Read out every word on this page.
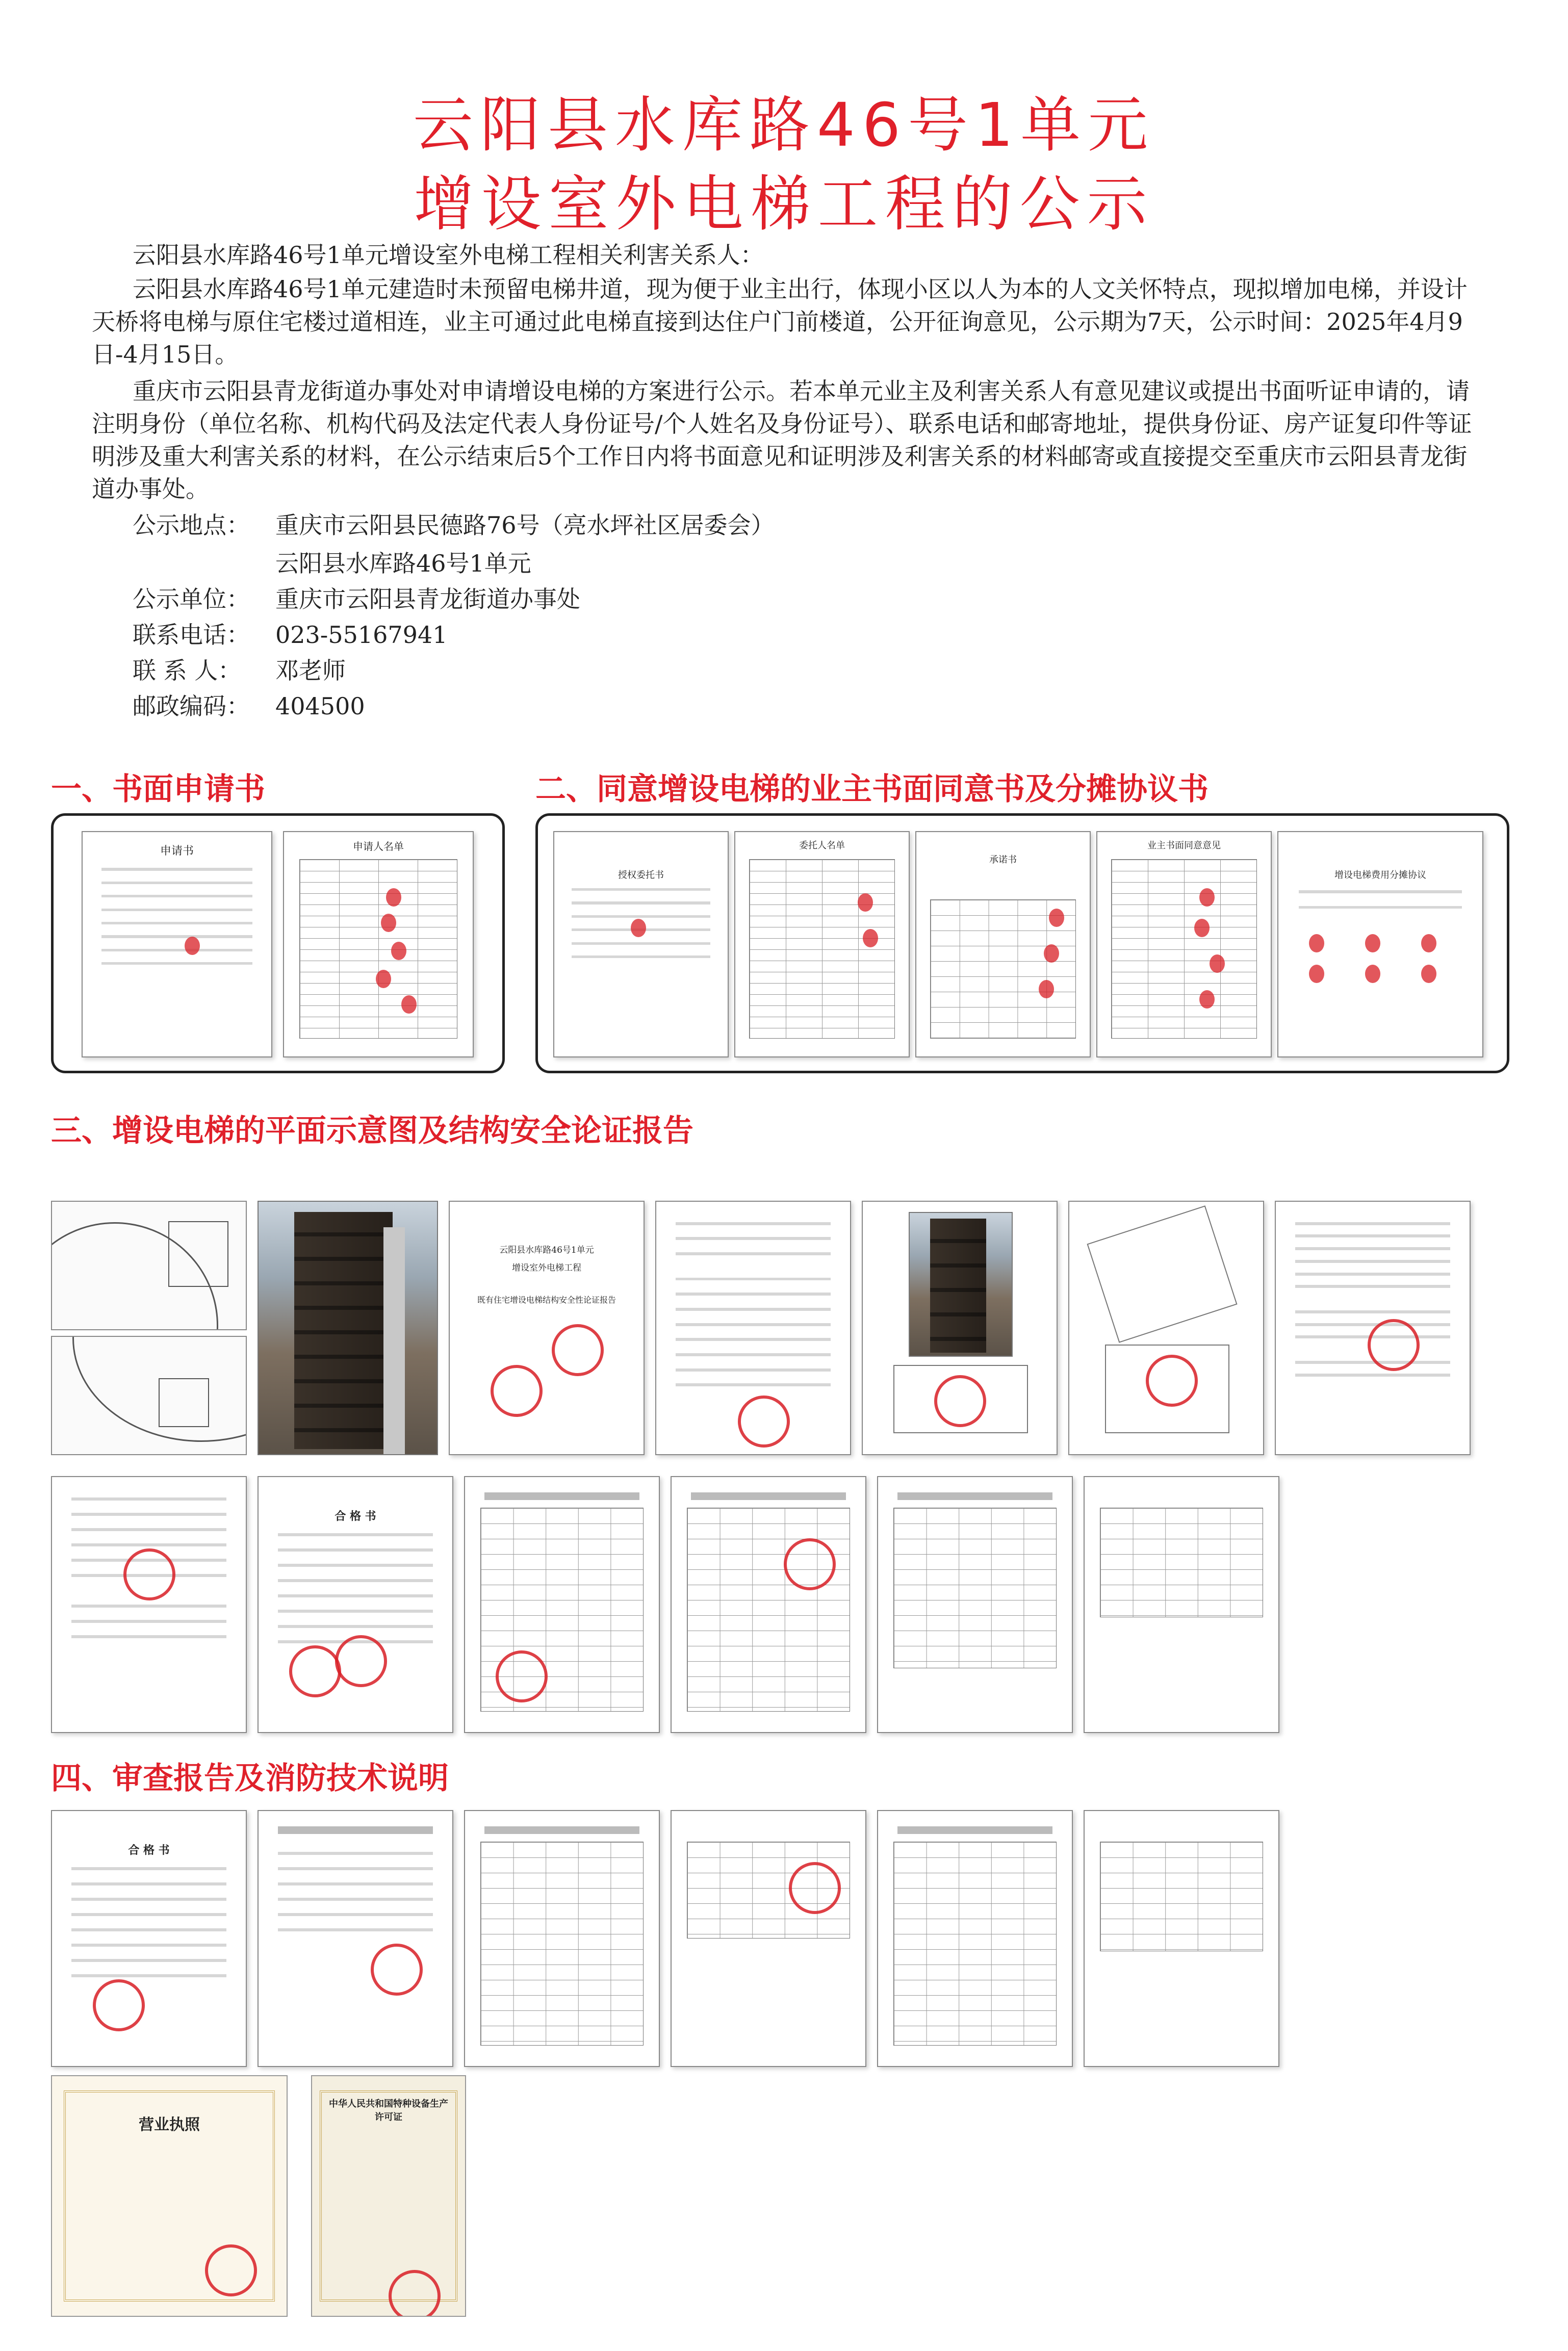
云阳县水库路46号1单元
增设室外电梯工程的公示
云阳县水库路46号1单元增设室外电梯工程相关利害关系人：
云阳县水库路46号1单元建造时未预留电梯井道，现为便于业主出行，体现小区以人为本的人文关怀特点，现拟增加电梯，并设计天桥将电梯与原住宅楼过道相连，业主可通过此电梯直接到达住户门前楼道，公开征询意见，公示期为7天，公示时间：2025年4月9日-4月15日。
重庆市云阳县青龙街道办事处对申请增设电梯的方案进行公示。若本单元业主及利害关系人有意见建议或提出书面听证申请的，请注明身份（单位名称、机构代码及法定代表人身份证号/个人姓名及身份证号）、联系电话和邮寄地址，提供身份证、房产证复印件等证明涉及重大利害关系的材料，在公示结束后5个工作日内将书面意见和证明涉及利害关系的材料邮寄或直接提交至重庆市云阳县青龙街道办事处。
公示地点： 重庆市云阳县民德路76号（亮水坪社区居委会）
云阳县水库路46号1单元
公示单位： 重庆市云阳县青龙街道办事处
联系电话： 023-55167941
联 系 人： 邓老师
邮政编码： 404500
一、书面申请书
申请书	申请人名单
二、同意增设电梯的业主书面同意书及分摊协议书
授权委托书
委托人名单
承诺书
业主书面同意意见
增设电梯费用分摊协议
三、增设电梯的平面示意图及结构安全论证报告
云阳县水库路46号1单元
增设室外电梯工程
既有住宅增设电梯结构安全性论证报告
合 格 书
四、审查报告及消防技术说明
合 格 书
营业执照
中华人民共和国特种设备生产许可证
